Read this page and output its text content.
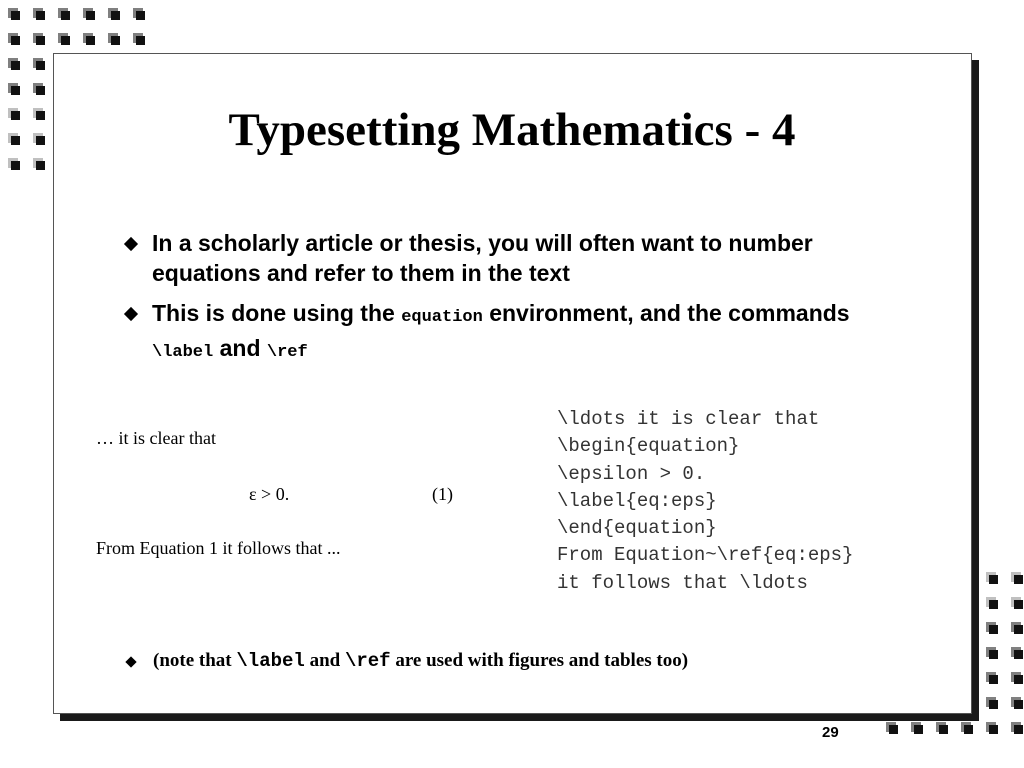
Typesetting Mathematics - 4
In a scholarly article or thesis, you will often want to number equations and refer to them in the text
This is done using the equation environment, and the commands \label and \ref
… it is clear that
ε > 0.	(1)
From Equation 1 it follows that ...
\ldots it is clear that
\begin{equation}
\epsilon > 0.
\label{eq:eps}
\end{equation}
From Equation~\ref{eq:eps}
it follows that \ldots
(note that \label and \ref are used with figures and tables too)
29
